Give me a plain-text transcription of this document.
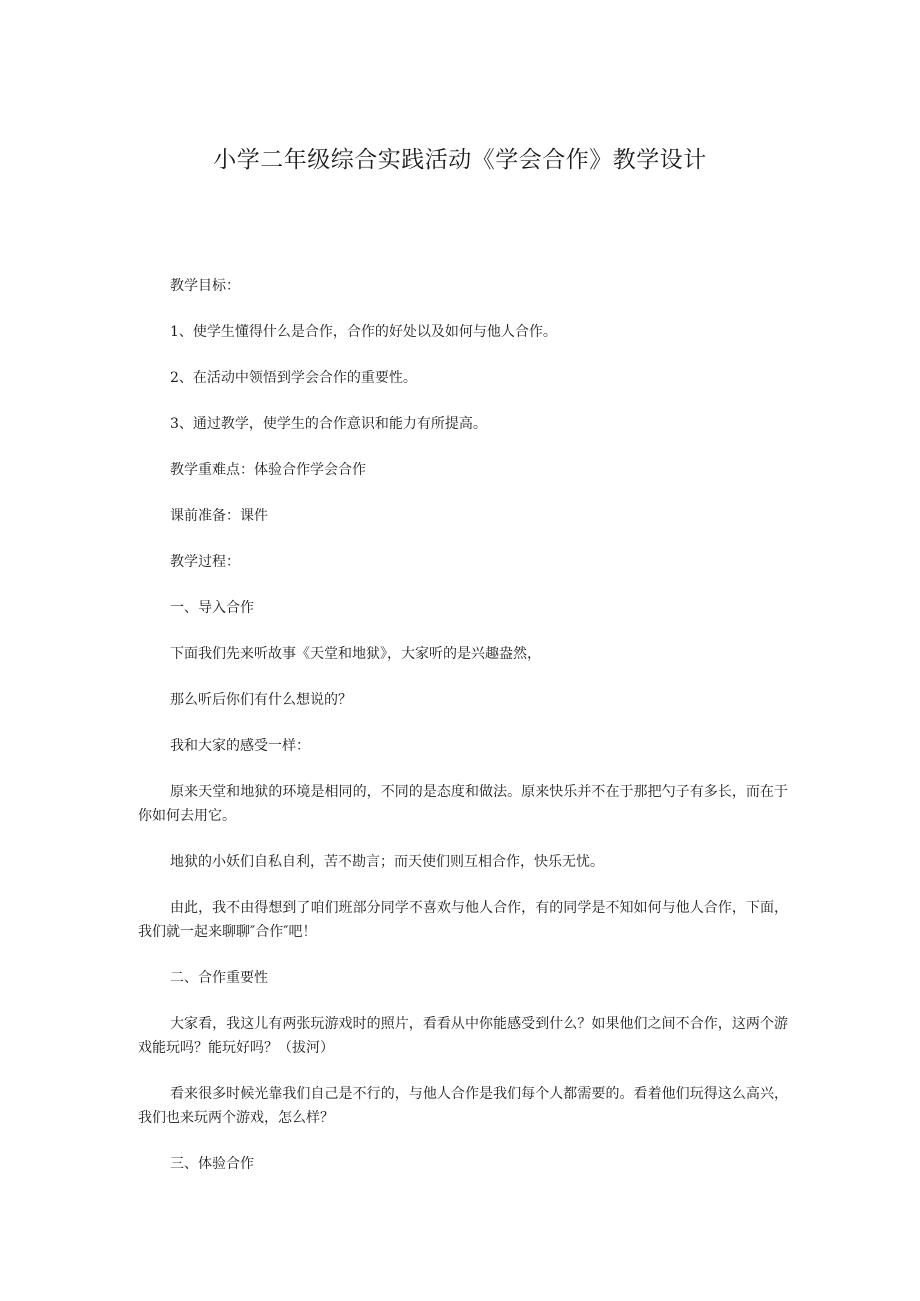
小学二年级综合实践活动《学会合作》教学设计

教学目标：

1、使学生懂得什么是合作，合作的好处以及如何与他人合作。

2、在活动中领悟到学会合作的重要性。

3、通过教学，使学生的合作意识和能力有所提高。

教学重难点：体验合作学会合作

课前准备：课件

教学过程：

一、导入合作

下面我们先来听故事《天堂和地狱》，大家听的是兴趣盎然，

那么听后你们有什么想说的？

我和大家的感受一样：

原来天堂和地狱的环境是相同的，不同的是态度和做法。原来快乐并不在于那把勺子有多长，而在于你如何去用它。

地狱的小妖们自私自利，苦不勘言；而天使们则互相合作，快乐无忧。

由此，我不由得想到了咱们班部分同学不喜欢与他人合作，有的同学是不知如何与他人合作，下面，我们就一起来聊聊″合作″吧！

二、合作重要性

大家看，我这儿有两张玩游戏时的照片，看看从中你能感受到什么？如果他们之间不合作，这两个游戏能玩吗？能玩好吗？（拔河）

看来很多时候光靠我们自己是不行的，与他人合作是我们每个人都需要的。看着他们玩得这么高兴，我们也来玩两个游戏，怎么样？

三、体验合作
